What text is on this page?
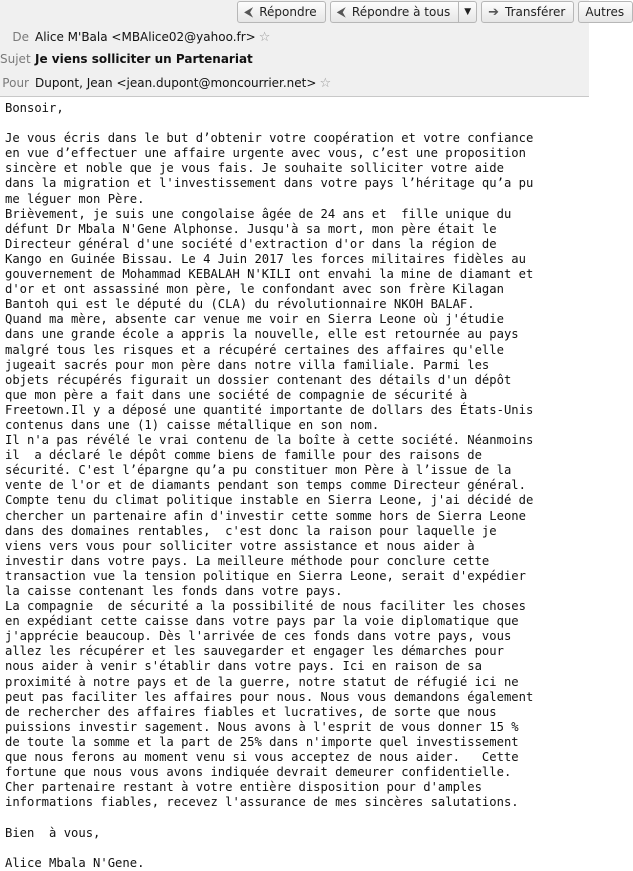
⮜ Répondre ⮜ Répondre à tous ▼ ➔ Transférer Autres
De Alice M'Bala <MBAlice02@yahoo.fr> ☆
Sujet Je viens solliciter un Partenariat
Pour Dupont, Jean <jean.dupont@moncourrier.net> ☆
Bonsoir,

Je vous écris dans le but d’obtenir votre coopération et votre confiance
en vue d’effectuer une affaire urgente avec vous, c’est une proposition
sincère et noble que je vous fais. Je souhaite solliciter votre aide
dans la migration et l'investissement dans votre pays l’héritage qu’a pu
me léguer mon Père.
Brièvement, je suis une congolaise âgée de 24 ans et  fille unique du
défunt Dr Mbala N'Gene Alphonse. Jusqu'à sa mort, mon père était le
Directeur général d'une société d'extraction d'or dans la région de
Kango en Guinée Bissau. Le 4 Juin 2017 les forces militaires fidèles au
gouvernement de Mohammad KEBALAH N'KILI ont envahi la mine de diamant et
d'or et ont assassiné mon père, le confondant avec son frère Kilagan
Bantoh qui est le député du (CLA) du révolutionnaire NKOH BALAF.
Quand ma mère, absente car venue me voir en Sierra Leone où j'étudie
dans une grande école a appris la nouvelle, elle est retournée au pays
malgré tous les risques et a récupéré certaines des affaires qu'elle
jugeait sacrés pour mon père dans notre villa familiale. Parmi les
objets récupérés figurait un dossier contenant des détails d'un dépôt
que mon père a fait dans une société de compagnie de sécurité à
Freetown.Il y a déposé une quantité importante de dollars des États-Unis
contenus dans une (1) caisse métallique en son nom.
Il n'a pas révélé le vrai contenu de la boîte à cette société. Néanmoins
il  a déclaré le dépôt comme biens de famille pour des raisons de
sécurité. C'est l’épargne qu’a pu constituer mon Père à l’issue de la
vente de l'or et de diamants pendant son temps comme Directeur général.
Compte tenu du climat politique instable en Sierra Leone, j'ai décidé de
chercher un partenaire afin d'investir cette somme hors de Sierra Leone
dans des domaines rentables,  c'est donc la raison pour laquelle je
viens vers vous pour solliciter votre assistance et nous aider à
investir dans votre pays. La meilleure méthode pour conclure cette
transaction vue la tension politique en Sierra Leone, serait d'expédier
la caisse contenant les fonds dans votre pays.
La compagnie  de sécurité a la possibilité de nous faciliter les choses
en expédiant cette caisse dans votre pays par la voie diplomatique que
j'apprécie beaucoup. Dès l'arrivée de ces fonds dans votre pays, vous
allez les récupérer et les sauvegarder et engager les démarches pour
nous aider à venir s'établir dans votre pays. Ici en raison de sa
proximité à notre pays et de la guerre, notre statut de réfugié ici ne
peut pas faciliter les affaires pour nous. Nous vous demandons également
de rechercher des affaires fiables et lucratives, de sorte que nous
puissions investir sagement. Nous avons à l'esprit de vous donner 15 %
de toute la somme et la part de 25% dans n'importe quel investissement
que nous ferons au moment venu si vous acceptez de nous aider.   Cette
fortune que nous vous avons indiquée devrait demeurer confidentielle.
Cher partenaire restant à votre entière disposition pour d'amples
informations fiables, recevez l'assurance de mes sincères salutations.

Bien  à vous,

Alice Mbala N'Gene.
